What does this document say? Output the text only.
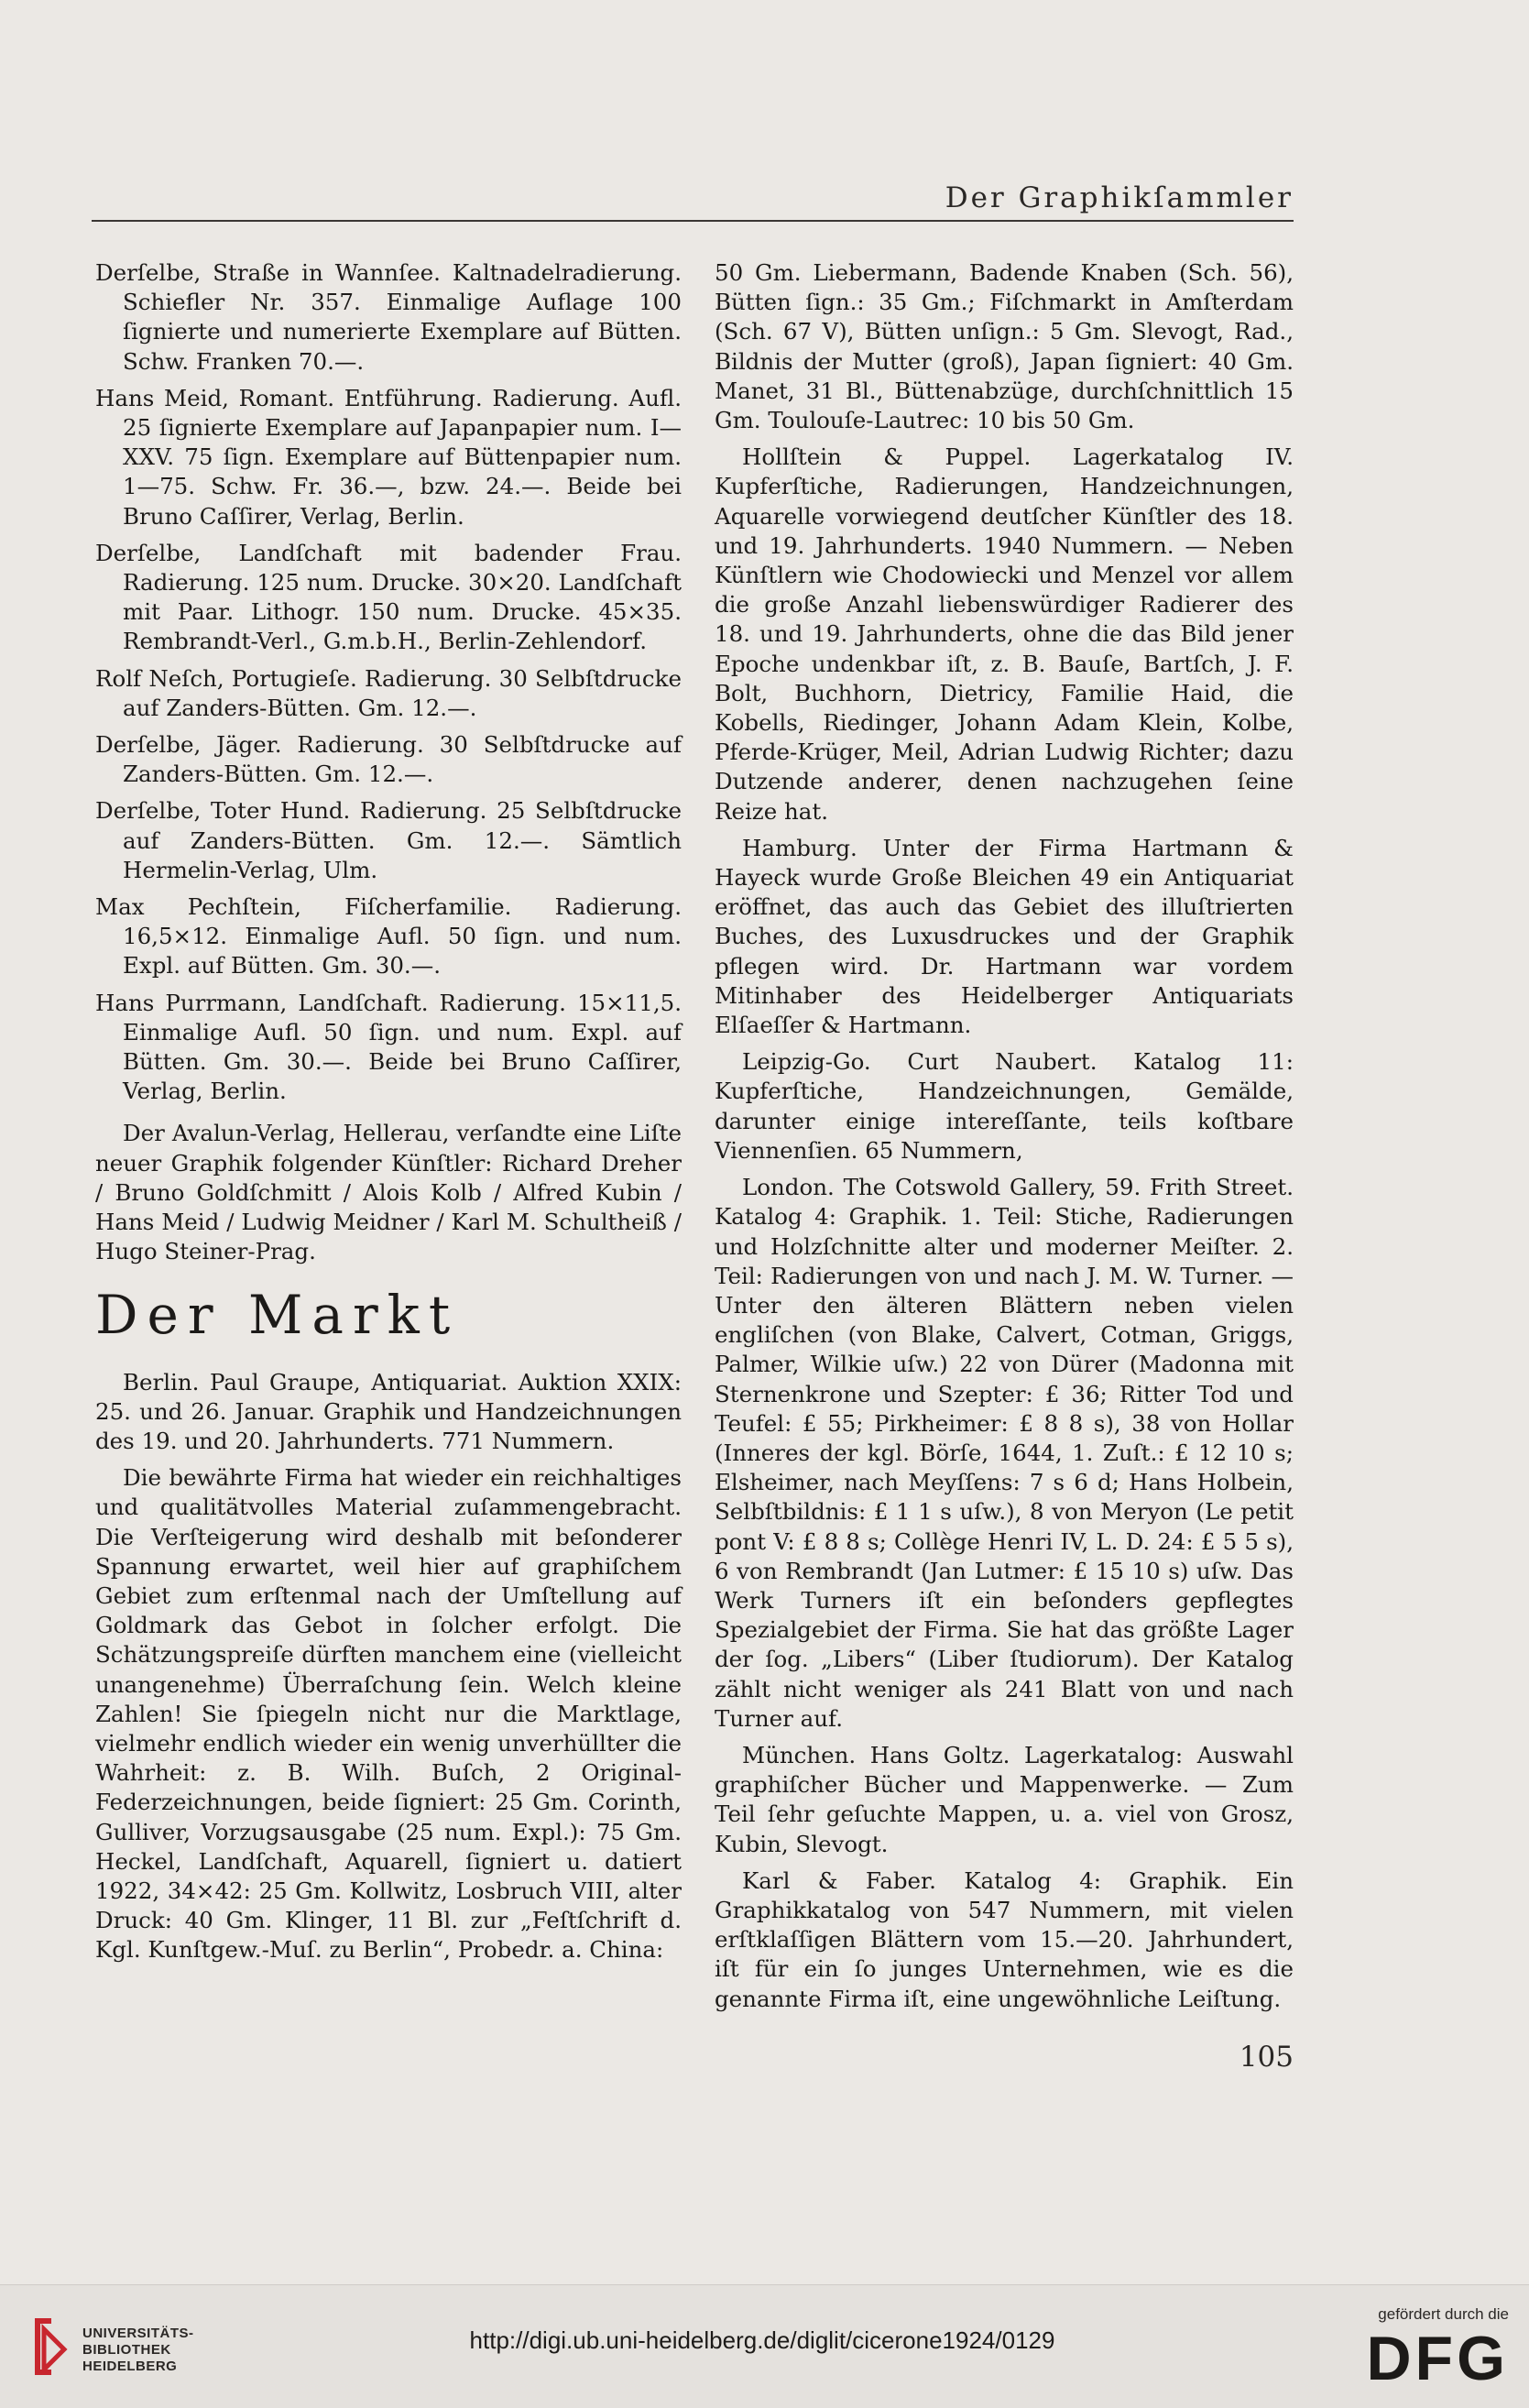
Der Graphikſammler

Derſelbe, Straße in Wannſee. Kaltnadelradierung. Schiefler Nr. 357. Einmalige Auflage 100 ſignierte und numerierte Exemplare auf Bütten. Schw. Franken 70.—.

Hans Meid, Romant. Entführung. Radierung. Aufl. 25 ſignierte Exemplare auf Japanpapier num. I—XXV. 75 ſign. Exemplare auf Büttenpapier num. 1—75. Schw. Fr. 36.—, bzw. 24.—. Beide bei Bruno Caſſirer, Verlag, Berlin.

Derſelbe, Landſchaft mit badender Frau. Radierung. 125 num. Drucke. 30×20. Landſchaft mit Paar. Lithogr. 150 num. Drucke. 45×35. Rembrandt-Verl., G.m.b.H., Berlin-Zehlendorf.

Rolf Neſch, Portugieſe. Radierung. 30 Selbſtdrucke auf Zanders-Bütten. Gm. 12.—.

Derſelbe, Jäger. Radierung. 30 Selbſtdrucke auf Zanders-Bütten. Gm. 12.—.

Derſelbe, Toter Hund. Radierung. 25 Selbſtdrucke auf Zanders-Bütten. Gm. 12.—. Sämtlich Hermelin-Verlag, Ulm.

Max Pechſtein, Fiſcherfamilie. Radierung. 16,5×12. Einmalige Aufl. 50 ſign. und num. Expl. auf Bütten. Gm. 30.—.

Hans Purrmann, Landſchaft. Radierung. 15×11,5. Einmalige Aufl. 50 ſign. und num. Expl. auf Bütten. Gm. 30.—. Beide bei Bruno Caſſirer, Verlag, Berlin.

Der Avalun-Verlag, Hellerau, verſandte eine Liſte neuer Graphik folgender Künſtler: Richard Dreher / Bruno Goldſchmitt / Alois Kolb / Alfred Kubin / Hans Meid / Ludwig Meidner / Karl M. Schultheiß / Hugo Steiner-Prag.

Der Markt

Berlin. Paul Graupe, Antiquariat. Auktion XXIX: 25. und 26. Januar. Graphik und Handzeichnungen des 19. und 20. Jahrhunderts. 771 Nummern.

Die bewährte Firma hat wieder ein reichhaltiges und qualitätvolles Material zuſammengebracht. Die Verſteigerung wird deshalb mit beſonderer Spannung erwartet, weil hier auf graphiſchem Gebiet zum erſtenmal nach der Umſtellung auf Goldmark das Gebot in ſolcher erfolgt. Die Schätzungspreiſe dürften manchem eine (vielleicht unangenehme) Überraſchung ſein. Welch kleine Zahlen! Sie ſpiegeln nicht nur die Marktlage, vielmehr endlich wieder ein wenig unverhüllter die Wahrheit: z. B. Wilh. Buſch, 2 Original-Federzeichnungen, beide ſigniert: 25 Gm. Corinth, Gulliver, Vorzugsausgabe (25 num. Expl.): 75 Gm. Heckel, Landſchaft, Aquarell, ſigniert u. datiert 1922, 34×42: 25 Gm. Kollwitz, Losbruch VIII, alter Druck: 40 Gm. Klinger, 11 Bl. zur „Feſtſchrift d. Kgl. Kunſtgew.-Muſ. zu Berlin“, Probedr. a. China:

50 Gm. Liebermann, Badende Knaben (Sch. 56), Bütten ſign.: 35 Gm.; Fiſchmarkt in Amſterdam (Sch. 67 V), Bütten unſign.: 5 Gm. Slevogt, Rad., Bildnis der Mutter (groß), Japan ſigniert: 40 Gm. Manet, 31 Bl., Büttenabzüge, durchſchnittlich 15 Gm. Toulouſe-Lautrec: 10 bis 50 Gm.

Hollſtein & Puppel. Lagerkatalog IV. Kupferſtiche, Radierungen, Handzeichnungen, Aquarelle vorwiegend deutſcher Künſtler des 18. und 19. Jahrhunderts. 1940 Nummern. — Neben Künſtlern wie Chodowiecki und Menzel vor allem die große Anzahl liebenswürdiger Radierer des 18. und 19. Jahrhunderts, ohne die das Bild jener Epoche undenkbar iſt, z. B. Bauſe, Bartſch, J. F. Bolt, Buchhorn, Dietricy, Familie Haid, die Kobells, Riedinger, Johann Adam Klein, Kolbe, Pferde-Krüger, Meil, Adrian Ludwig Richter; dazu Dutzende anderer, denen nachzugehen ſeine Reize hat.

Hamburg. Unter der Firma Hartmann & Hayeck wurde Große Bleichen 49 ein Antiquariat eröffnet, das auch das Gebiet des illuſtrierten Buches, des Luxusdruckes und der Graphik pflegen wird. Dr. Hartmann war vordem Mitinhaber des Heidelberger Antiquariats Elſaeſſer & Hartmann.

Leipzig-Go. Curt Naubert. Katalog 11: Kupferſtiche, Handzeichnungen, Gemälde, darunter einige intereſſante, teils koſtbare Viennenſien. 65 Nummern,

London. The Cotswold Gallery, 59. Frith Street. Katalog 4: Graphik. 1. Teil: Stiche, Radierungen und Holzſchnitte alter und moderner Meiſter. 2. Teil: Radierungen von und nach J. M. W. Turner. — Unter den älteren Blättern neben vielen engliſchen (von Blake, Calvert, Cotman, Griggs, Palmer, Wilkie uſw.) 22 von Dürer (Madonna mit Sternenkrone und Szepter: £ 36; Ritter Tod und Teufel: £ 55; Pirkheimer: £ 8 8 s), 38 von Hollar (Inneres der kgl. Börſe, 1644, 1. Zuſt.: £ 12 10 s; Elsheimer, nach Meyſſens: 7 s 6 d; Hans Holbein, Selbſtbildnis: £ 1 1 s uſw.), 8 von Meryon (Le petit pont V: £ 8 8 s; Collège Henri IV, L. D. 24: £ 5 5 s), 6 von Rembrandt (Jan Lutmer: £ 15 10 s) uſw. Das Werk Turners iſt ein beſonders gepflegtes Spezialgebiet der Firma. Sie hat das größte Lager der ſog. „Libers“ (Liber ſtudiorum). Der Katalog zählt nicht weniger als 241 Blatt von und nach Turner auf.

München. Hans Goltz. Lagerkatalog: Auswahl graphiſcher Bücher und Mappenwerke. — Zum Teil ſehr geſuchte Mappen, u. a. viel von Grosz, Kubin, Slevogt.

Karl & Faber. Katalog 4: Graphik. Ein Graphikkatalog von 547 Nummern, mit vielen erſtklaſſigen Blättern vom 15.—20. Jahrhundert, iſt für ein ſo junges Unternehmen, wie es die genannte Firma iſt, eine ungewöhnliche Leiſtung.

105
UNIVERSITÄTS-
BIBLIOTHEK
HEIDELBERG
http://digi.ub.uni-heidelberg.de/diglit/cicerone1924/0129
gefördert durch die
DFG
